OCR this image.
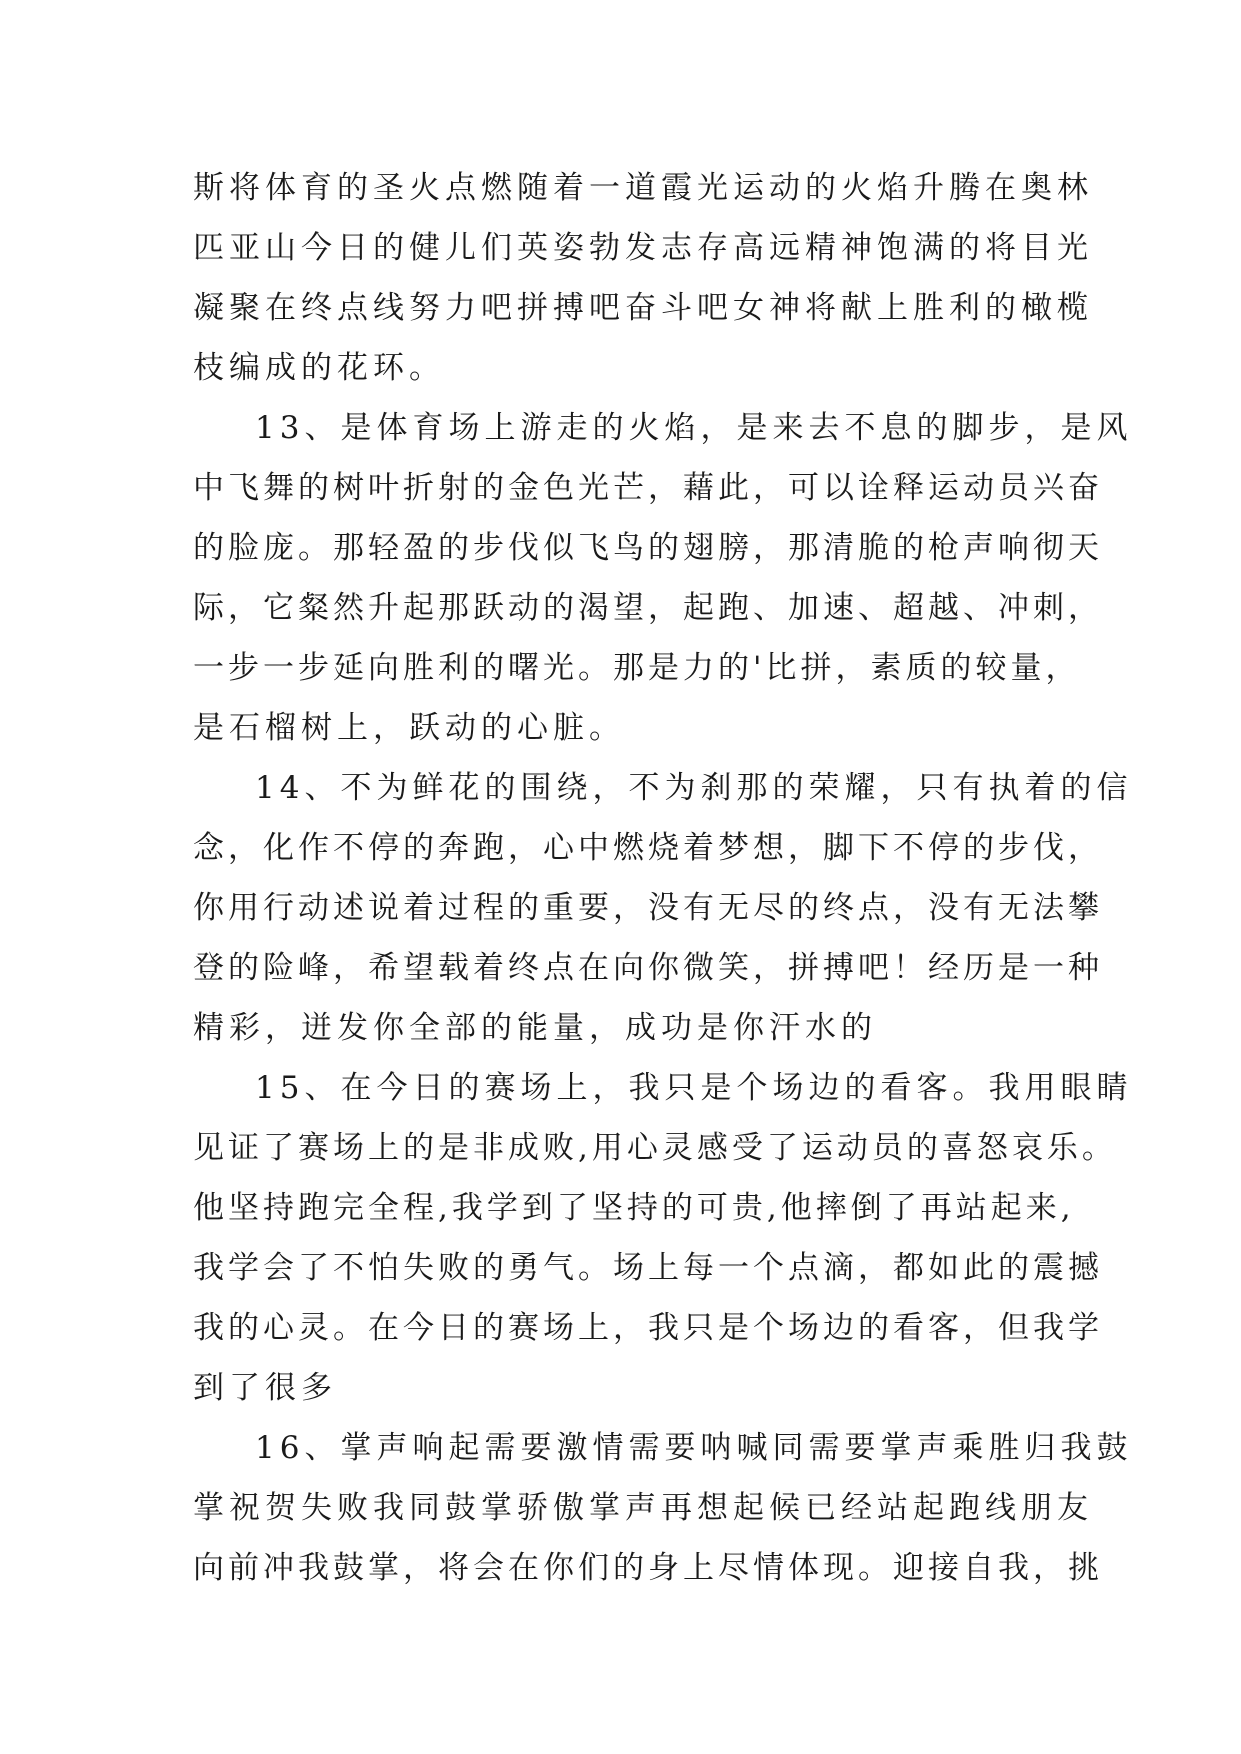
斯将体育的圣火点燃随着一道霞光运动的火焰升腾在奥林
匹亚山今日的健儿们英姿勃发志存高远精神饱满的将目光
凝聚在终点线努力吧拼搏吧奋斗吧女神将献上胜利的橄榄
枝编成的花环。
13、是体育场上游走的火焰，是来去不息的脚步，是风
中飞舞的树叶折射的金色光芒，藉此，可以诠释运动员兴奋
的脸庞。那轻盈的步伐似飞鸟的翅膀，那清脆的枪声响彻天
际，它粲然升起那跃动的渴望，起跑、加速、超越、冲刺，
一步一步延向胜利的曙光。那是力的'比拼，素质的较量，
是石榴树上，跃动的心脏。
14、不为鲜花的围绕，不为刹那的荣耀，只有执着的信
念，化作不停的奔跑，心中燃烧着梦想，脚下不停的步伐，
你用行动述说着过程的重要，没有无尽的终点，没有无法攀
登的险峰，希望载着终点在向你微笑，拼搏吧！经历是一种
精彩，迸发你全部的能量，成功是你汗水的
15、在今日的赛场上，我只是个场边的看客。我用眼睛
见证了赛场上的是非成败,用心灵感受了运动员的喜怒哀乐。
他坚持跑完全程,我学到了坚持的可贵,他摔倒了再站起来,
我学会了不怕失败的勇气。场上每一个点滴，都如此的震撼
我的心灵。在今日的赛场上，我只是个场边的看客，但我学
到了很多
16、掌声响起需要激情需要呐喊同需要掌声乘胜归我鼓
掌祝贺失败我同鼓掌骄傲掌声再想起候已经站起跑线朋友
向前冲我鼓掌，将会在你们的身上尽情体现。迎接自我，挑
